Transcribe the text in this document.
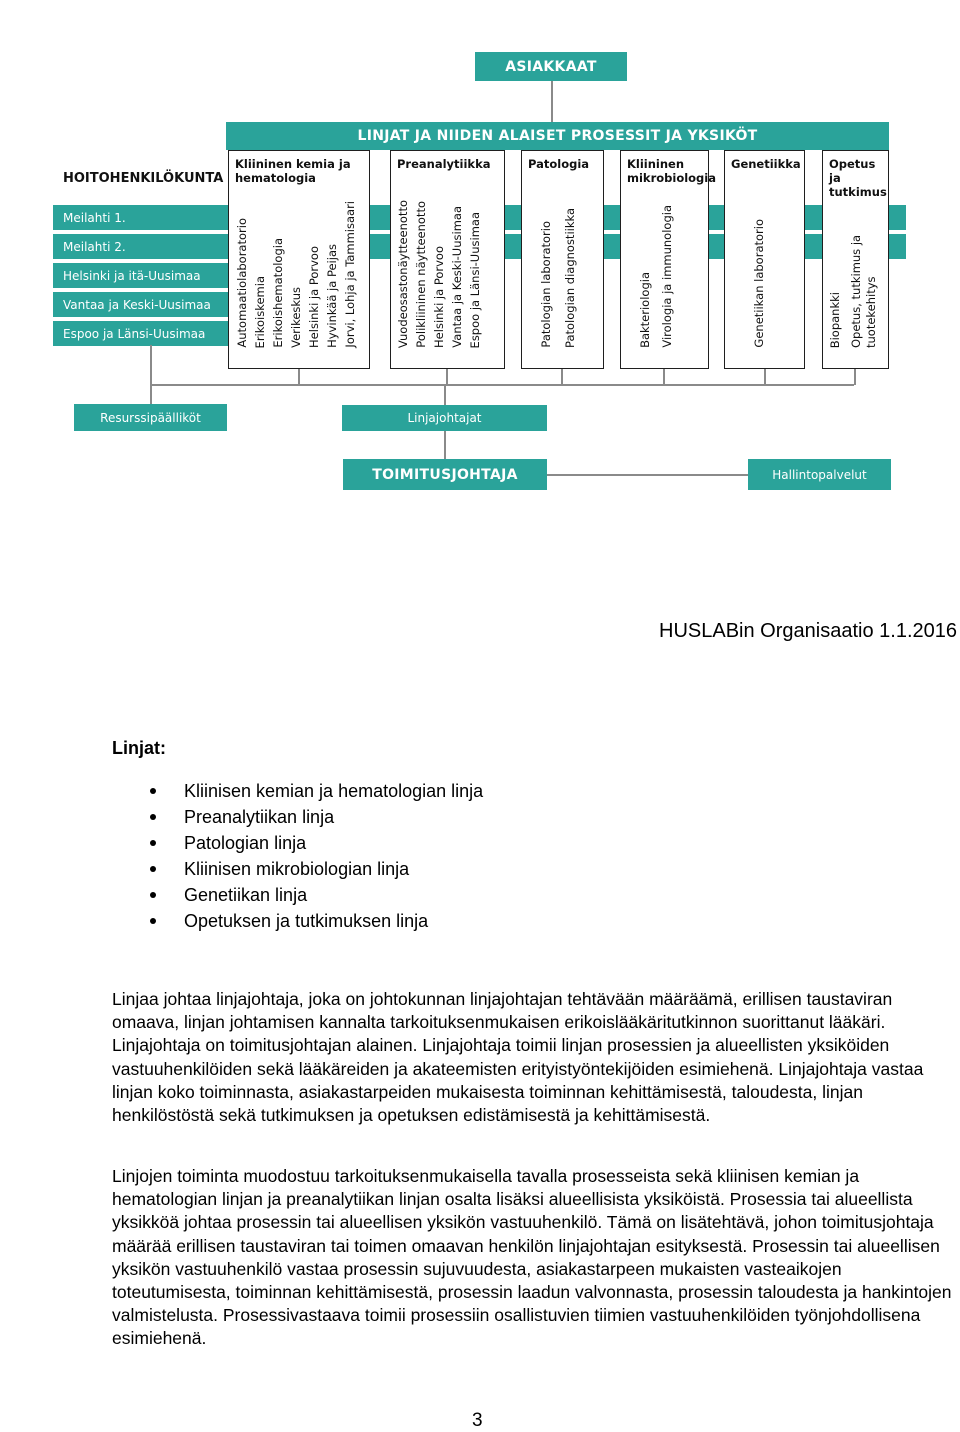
ASIAKKAAT
LINJAT JA NIIDEN ALAISET PROSESSIT JA YKSIKÖT
HOITOHENKILÖKUNTA
Meilahti 1.
Meilahti 2.
Helsinki ja itä-Uusimaa
Vantaa ja Keski-Uusimaa
Espoo ja Länsi-Uusimaa
Kliininen kemia ja hematologia
Automaatiolaboratorio Erikoiskemia Erikoishematologia Verikeskus Helsinki ja Porvoo Hyvinkää ja Peijas Jorvi, Lohja ja Tammisaari
Preanalytiikka
Vuodeosastonäytteenotto Polikliininen näytteenotto Helsinki ja Porvoo Vantaa ja Keski-Uusimaa Espoo ja Länsi-Uusimaa
Patologia
Patologian laboratorio Patologian diagnostiikka
Kliininen mikrobiologia
Bakteriologia Virologia ja immunologia
Genetiikka
Genetiikan laboratorio
Opetus ja tutkimus
Biopankki Opetus, tutkimus ja tuotekehitys
Resurssipäälliköt	Linjajohtajat
TOIMITUSJOHTAJA	Hallintopalvelut
HUSLABin Organisaatio 1.1.2016
Linjat:
Kliinisen kemian ja hematologian linja
Preanalytiikan linja
Patologian linja
Kliinisen mikrobiologian linja
Genetiikan linja
Opetuksen ja tutkimuksen linja

Linjaa johtaa linjajohtaja, joka on johtokunnan linjajohtajan tehtävään määräämä, erillisen taustaviran omaava, linjan johtamisen kannalta tarkoituksenmukaisen erikoislääkäritutkinnon suorittanut lääkäri. Linjajohtaja on toimitusjohtajan alainen. Linjajohtaja toimii linjan prosessien ja alueellisten yksiköiden vastuuhenkilöiden sekä lääkäreiden ja akateemisten erityistyöntekijöiden esimiehenä. Linjajohtaja vastaa linjan koko toiminnasta, asiakastarpeiden mukaisesta toiminnan kehittämisestä, taloudesta, linjan henkilöstöstä sekä tutkimuksen ja opetuksen edistämisestä ja kehittämisestä.

Linjojen toiminta muodostuu tarkoituksenmukaisella tavalla prosesseista sekä kliinisen kemian ja hematologian linjan ja preanalytiikan linjan osalta lisäksi alueellisista yksiköistä. Prosessia tai alueellista yksikköä johtaa prosessin tai alueellisen yksikön vastuuhenkilö. Tämä on lisätehtävä, johon toimitusjohtaja määrää erillisen taustaviran tai toimen omaavan henkilön linjajohtajan esityksestä. Prosessin tai alueellisen yksikön vastuuhenkilö vastaa prosessin sujuvuudesta, asiakastarpeen mukaisten vasteaikojen toteutumisesta, toiminnan kehittämisestä, prosessin laadun valvonnasta, prosessin taloudesta ja hankintojen valmistelusta. Prosessivastaava toimii prosessiin osallistuvien tiimien vastuuhenkilöiden työnjohdollisena esimiehenä.

3
